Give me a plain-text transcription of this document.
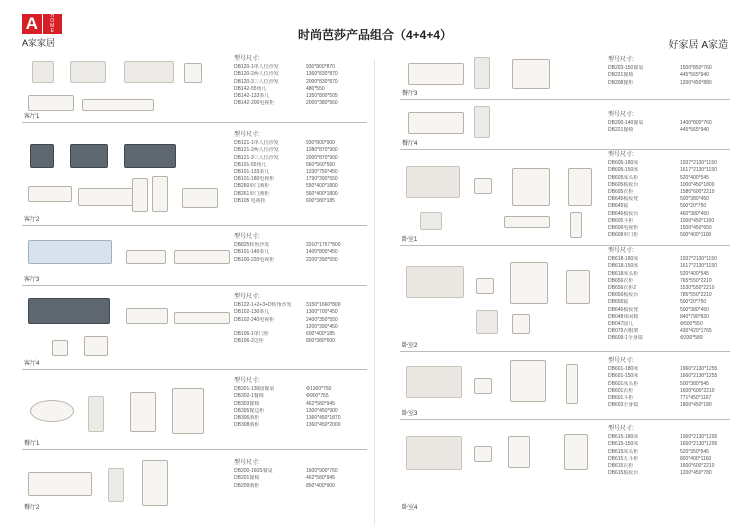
A	H
O
M
E
A家家居
时尚芭莎产品组合（4+4+4）
好家居 A家造
型号尺寸:
DB120-1单人位沙发	930*800*870
DB120-2两人位沙发	1360*830*870
DB120-3三人位沙发	2000*830*870
DB142-55角几	480*550
DB142-133茶几	1350*800*505
DB142-200电视柜	2000*380*560
客厅1
型号尺寸:
DB121-1单人位沙发	930*800*900
DB121-2两人位沙发	1380*870*900
DB121-3三人位沙发	2000*870*900
DB101-55角几	560*560*560
DB101-133茶几	1330*750*450
DB101-180电视柜	1790*390*550
DB260单门酒柜	550*400*1800
DB261单门酒柜	560*400*1800
DB105 电视柜	600*380*185
客厅2
型号尺寸:
DB825转角沙发	3310*1757*800
DB101-140茶几	1400*800*450
DB100-220电视柜	2200*390*550
客厅3
型号尺寸:
DB122-1+2+3+D转角沙发	3150*1660*800
DB102-130茶几	1300*700*450
DB102-240电视柜	2400*350*550
1200*390*450
DB106-1单门柜	600*400*185
DB106-2边柜	800*380*600
客厅4
型号尺寸:
DB301-130圆餐桌	Φ1300*760
DB302-1餐椅	Φ900*755
DB303餐椅	462*580*945
DB305餐边柜	1300*450*900
DB306酒柜	1360*450*1870
DB308酒柜	1360*450*2000
餐厅1
型号尺寸:
DB200-160S餐桌	1600*900*760
DB201餐椅	462*580*945
DB209酒柜	850*400*900
餐厅2
型号尺寸:
DB203-150餐桌	1500*850*760
DB221餐椅	445*565*940
DB208餐柜	1200*450*880
餐厅3
型号尺寸:
DB200-140餐桌	1400*800*760
DB221餐椅	445*565*940
餐厅4
型号尺寸:
DB605-180床	1937*2130*1150
DB605-150床	1617*2130*1150
DB605床头柜	520*400*545
DB605梳妆台	1000*450*1800
DB605衣柜	1580*600*2210
DB645梳妆凳	500*380*450
DB645镜	500*20*750
DB646梳妆台	460*380*450
DB605斗柜	1000*450*1100
DB606电视柜	1500*450*650
DB608单门柜	500*400*1100
卧室1
型号尺寸:
DB618-180床	1937*2130*1150
DB618-150床	1617*2130*1150
DB618床头柜	520*400*545
DB656衣柜	765*550*2210
DB656衣柜2	1530*550*2210
DB656梳妆台	785*550*2210
DB656镜	500*20*750
DB646梳妆凳	500*380*450
DB048休闲椅	840*790*820
DB047圆几	Φ500*550
DB079衣帽架	430*420*1765
DB609-1全身镜	Φ330*589
卧室2
型号尺寸:
DB601-180床	1960*2130*1255
DB601-150床	1660*2130*1255
DB601床头柜	500*380*545
DB601衣柜	1600*600*2210
DB601斗柜	771*450*1167
DB603全身镜	1800*450*180
卧室3
型号尺寸:
DB615-180床	1960*2130*1295
DB615-150床	1660*2130*1295
DB615床头柜	520*350*545
DB615五斗柜	800*400*1160
DB615衣柜	1600*600*2210
DB615梳妆台	1200*450*780
卧室4
